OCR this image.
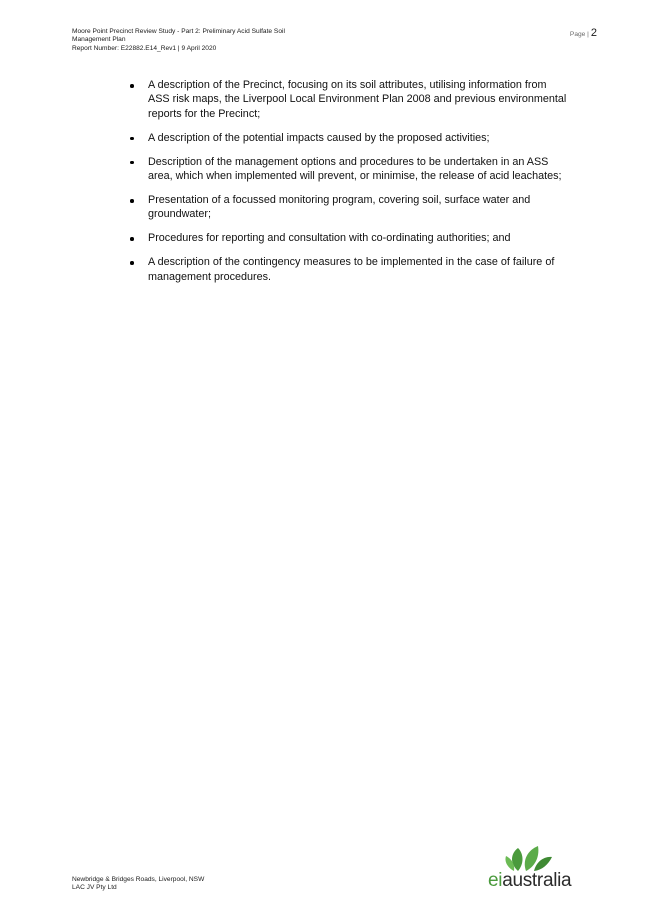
Moore Point Precinct Review Study - Part 2: Preliminary Acid Sulfate Soil
Management Plan
Report Number: E22882.E14_Rev1 | 9 April 2020
Page | 2
A description of the Precinct, focusing on its soil attributes, utilising information from
ASS risk maps, the Liverpool Local Environment Plan 2008 and previous environmental
reports for the Precinct;
A description of the potential impacts caused by the proposed activities;
Description of the management options and procedures to be undertaken in an ASS
area, which when implemented will prevent, or minimise, the release of acid leachates;
Presentation of a focussed monitoring program, covering soil, surface water and
groundwater;
Procedures for reporting and consultation with co-ordinating authorities; and
A description of the contingency measures to be implemented in the case of failure of
management procedures.
Newbridge & Bridges Roads, Liverpool, NSW
LAC JV Pty Ltd	eiaustralia
